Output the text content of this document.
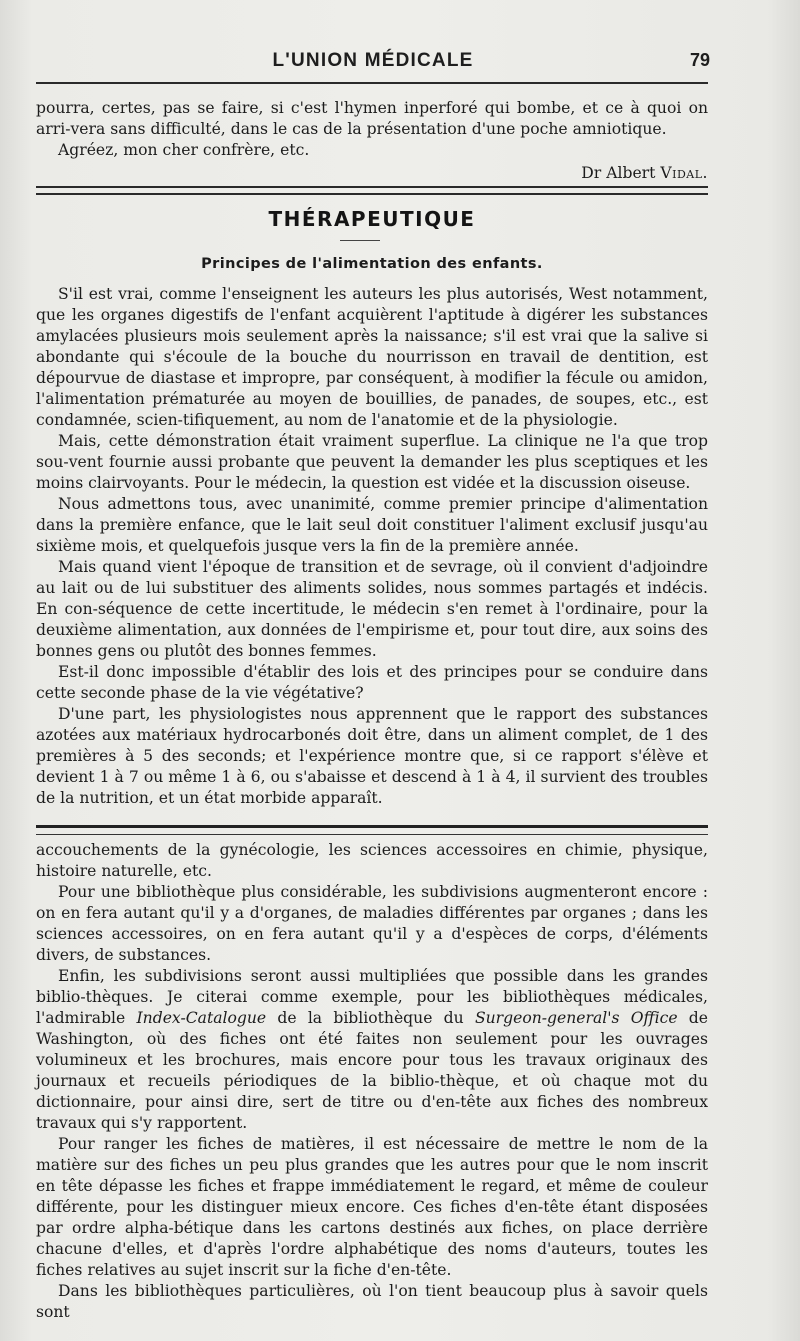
L'UNION MÉDICALE	79

pourra, certes, pas se faire, si c'est l'hymen inperforé qui bombe, et ce à quoi on arri-vera sans difficulté, dans le cas de la présentation d'une poche amniotique.

Agréez, mon cher confrère, etc.

Dr Albert Vidal.

THÉRAPEUTIQUE
Principes de l'alimentation des enfants.

S'il est vrai, comme l'enseignent les auteurs les plus autorisés, West notamment, que les organes digestifs de l'enfant acquièrent l'aptitude à digérer les substances amylacées plusieurs mois seulement après la naissance; s'il est vrai que la salive si abondante qui s'écoule de la bouche du nourrisson en travail de dentition, est dépourvue de diastase et impropre, par conséquent, à modifier la fécule ou amidon, l'alimentation prématurée au moyen de bouillies, de panades, de soupes, etc., est condamnée, scien-tifiquement, au nom de l'anatomie et de la physiologie.

Mais, cette démonstration était vraiment superflue. La clinique ne l'a que trop sou-vent fournie aussi probante que peuvent la demander les plus sceptiques et les moins clairvoyants. Pour le médecin, la question est vidée et la discussion oiseuse.

Nous admettons tous, avec unanimité, comme premier principe d'alimentation dans la première enfance, que le lait seul doit constituer l'aliment exclusif jusqu'au sixième mois, et quelquefois jusque vers la fin de la première année.

Mais quand vient l'époque de transition et de sevrage, où il convient d'adjoindre au lait ou de lui substituer des aliments solides, nous sommes partagés et indécis. En con-séquence de cette incertitude, le médecin s'en remet à l'ordinaire, pour la deuxième alimentation, aux données de l'empirisme et, pour tout dire, aux soins des bonnes gens ou plutôt des bonnes femmes.

Est-il donc impossible d'établir des lois et des principes pour se conduire dans cette seconde phase de la vie végétative?

D'une part, les physiologistes nous apprennent que le rapport des substances azotées aux matériaux hydrocarbonés doit être, dans un aliment complet, de 1 des premières à 5 des seconds; et l'expérience montre que, si ce rapport s'élève et devient 1 à 7 ou même 1 à 6, ou s'abaisse et descend à 1 à 4, il survient des troubles de la nutrition, et un état morbide apparaît.

accouchements de la gynécologie, les sciences accessoires en chimie, physique, histoire naturelle, etc.

Pour une bibliothèque plus considérable, les subdivisions augmenteront encore : on en fera autant qu'il y a d'organes, de maladies différentes par organes ; dans les sciences accessoires, on en fera autant qu'il y a d'espèces de corps, d'éléments divers, de substances.

Enfin, les subdivisions seront aussi multipliées que possible dans les grandes biblio-thèques. Je citerai comme exemple, pour les bibliothèques médicales, l'admirable Index-Catalogue de la bibliothèque du Surgeon-general's Office de Washington, où des fiches ont été faites non seulement pour les ouvrages volumineux et les brochures, mais encore pour tous les travaux originaux des journaux et recueils périodiques de la biblio-thèque, et où chaque mot du dictionnaire, pour ainsi dire, sert de titre ou d'en-tête aux fiches des nombreux travaux qui s'y rapportent.

Pour ranger les fiches de matières, il est nécessaire de mettre le nom de la matière sur des fiches un peu plus grandes que les autres pour que le nom inscrit en tête dépasse les fiches et frappe immédiatement le regard, et même de couleur différente, pour les distinguer mieux encore. Ces fiches d'en-tête étant disposées par ordre alpha-bétique dans les cartons destinés aux fiches, on place derrière chacune d'elles, et d'après l'ordre alphabétique des noms d'auteurs, toutes les fiches relatives au sujet inscrit sur la fiche d'en-tête.

Dans les bibliothèques particulières, où l'on tient beaucoup plus à savoir quels sont
